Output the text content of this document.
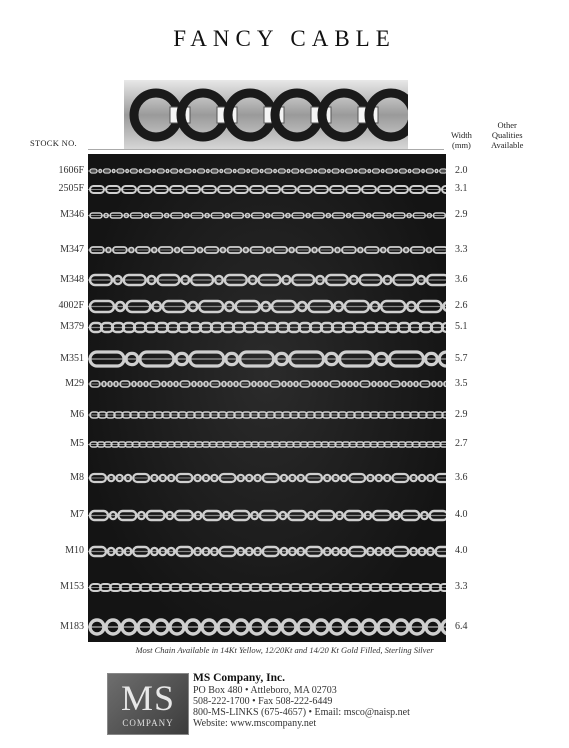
FANCY CABLE
STOCK NO.
Width
(mm)
Other
Qualities
Available
1606F	2.0
2505F	3.1
M346	2.9
M347	3.3
M348	3.6
4002F	2.6
M379	5.1
M351	5.7
M29	3.5
M6	2.9
M5	2.7
M8	3.6
M7	4.0
M10	4.0
M153	3.3
M183	6.4
Most Chain Available in 14Kt Yellow, 12/20Kt and 14/20 Kt Gold Filled, Sterling Silver
MS
COMPANY
MS Company, Inc.
PO Box 480 • Attleboro, MA 02703
508-222-1700 • Fax 508-222-6449
800-MS-LINKS (675-4657) • Email: msco@naisp.net
Website: www.mscompany.net
